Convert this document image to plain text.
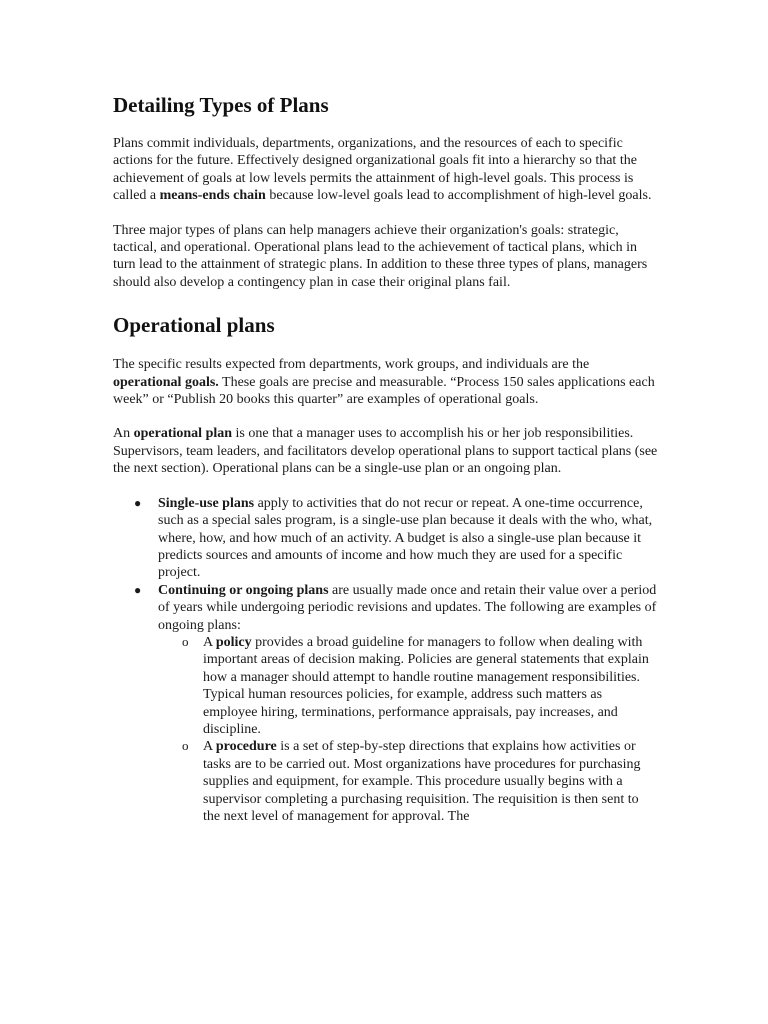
Detailing Types of Plans

Plans commit individuals, departments, organizations, and the resources of each to specific actions for the future. Effectively designed organizational goals fit into a hierarchy so that the achievement of goals at low levels permits the attainment of high-level goals. This process is called a means-ends chain because low-level goals lead to accomplishment of high-level goals.

Three major types of plans can help managers achieve their organization's goals: strategic, tactical, and operational. Operational plans lead to the achievement of tactical plans, which in turn lead to the attainment of strategic plans. In addition to these three types of plans, managers should also develop a contingency plan in case their original plans fail.

Operational plans

The specific results expected from departments, work groups, and individuals are the operational goals. These goals are precise and measurable. “Process 150 sales applications each week” or “Publish 20 books this quarter” are examples of operational goals.

An operational plan is one that a manager uses to accomplish his or her job responsibilities. Supervisors, team leaders, and facilitators develop operational plans to support tactical plans (see the next section). Operational plans can be a single-use plan or an ongoing plan.

● Single-use plans apply to activities that do not recur or repeat. A one-time occurrence, such as a special sales program, is a single-use plan because it deals with the who, what, where, how, and how much of an activity. A budget is also a single-use plan because it predicts sources and amounts of income and how much they are used for a specific project.
● Continuing or ongoing plans are usually made once and retain their value over a period of years while undergoing periodic revisions and updates. The following are examples of ongoing plans:
o A policy provides a broad guideline for managers to follow when dealing with important areas of decision making. Policies are general statements that explain how a manager should attempt to handle routine management responsibilities. Typical human resources policies, for example, address such matters as employee hiring, terminations, performance appraisals, pay increases, and discipline.
o A procedure is a set of step-by-step directions that explains how activities or tasks are to be carried out. Most organizations have procedures for purchasing supplies and equipment, for example. This procedure usually begins with a supervisor completing a purchasing requisition. The requisition is then sent to the next level of management for approval. The
